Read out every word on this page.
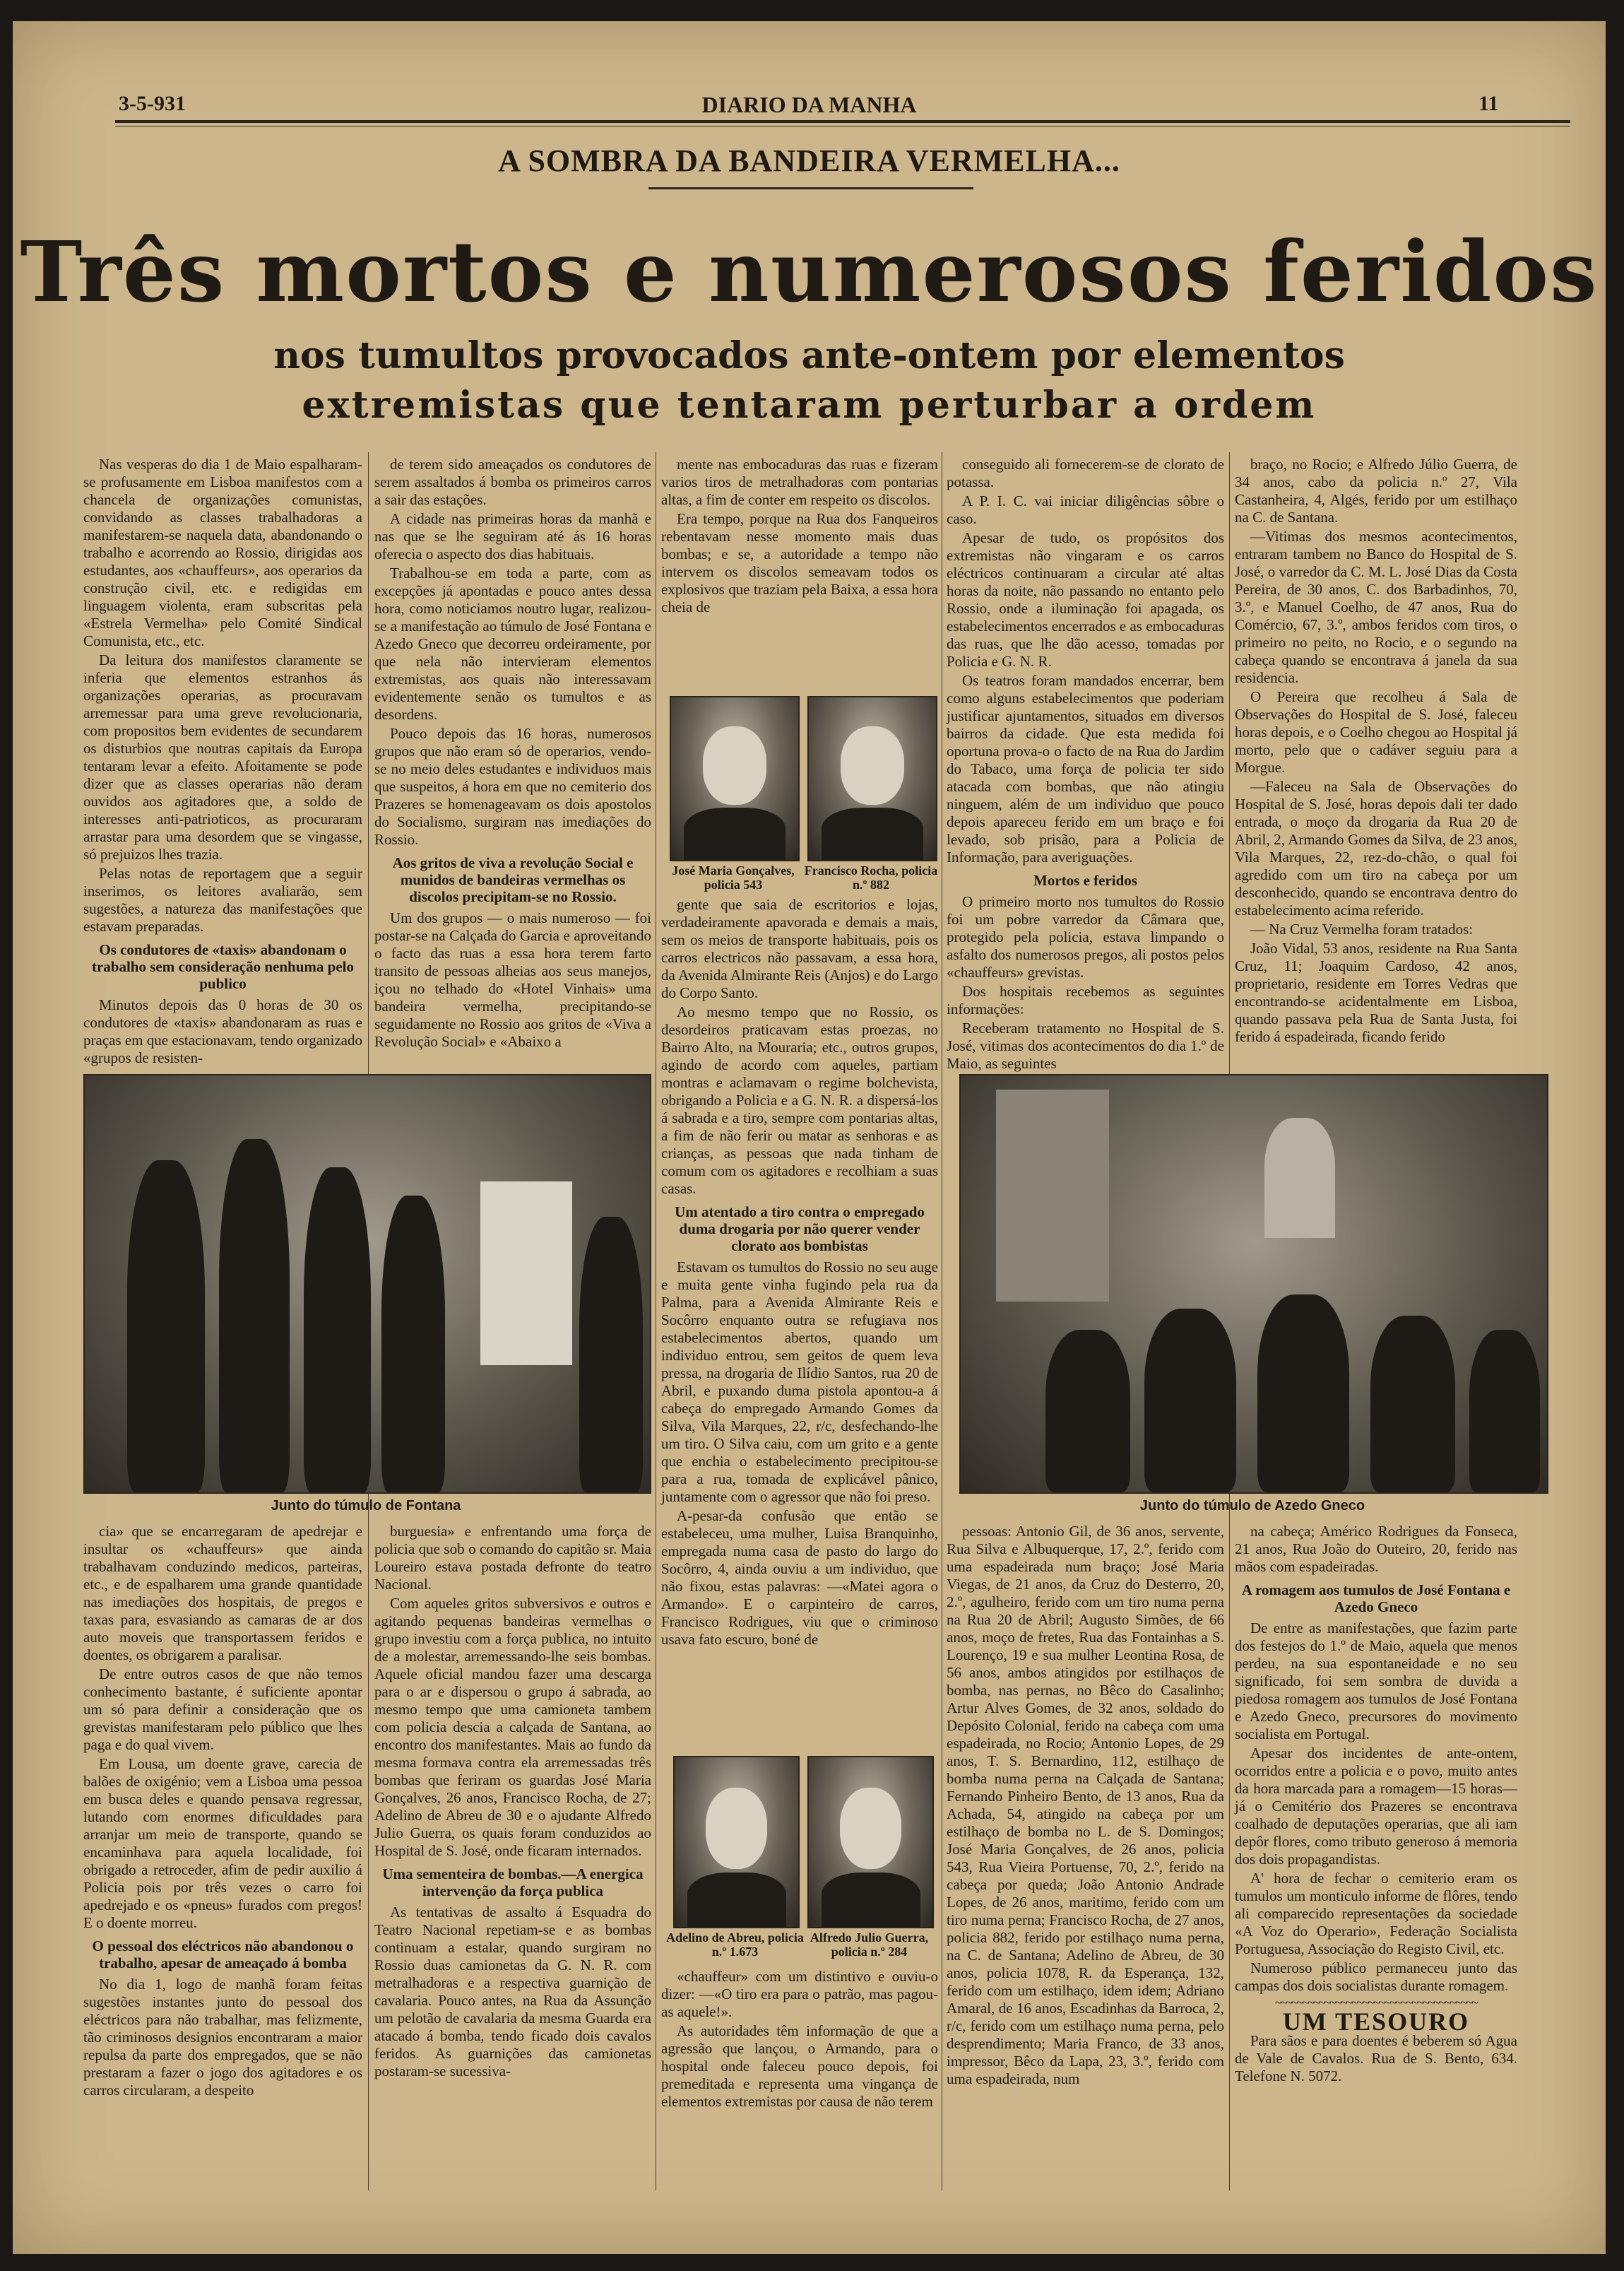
3-5-931	DIARIO DA MANHA	11
A SOMBRA DA BANDEIRA VERMELHA...
Três mortos e numerosos feridos
nos tumultos provocados ante-ontem por elementos
extremistas que tentaram perturbar a ordem

Nas vesperas do dia 1 de Maio espalharam-se profusamente em Lisboa manifestos com a chancela de organizações comunistas, convidando as classes trabalhadoras a manifestarem-se naquela data, abandonando o trabalho e acorrendo ao Rossio, dirigidas aos estudantes, aos «chauffeurs», aos operarios da construção civil, etc. e redigidas em linguagem violenta, eram subscritas pela «Estrela Vermelha» pelo Comité Sindical Comunista, etc., etc.

Da leitura dos manifestos claramente se inferia que elementos estranhos ás organizações operarias, as procuravam arremessar para uma greve revolucionaria, com propositos bem evidentes de secundarem os disturbios que noutras capitais da Europa tentaram levar a efeito. Afoitamente se pode dizer que as classes operarias não deram ouvidos aos agitadores que, a soldo de interesses anti-patrioticos, as procuraram arrastar para uma desordem que se vingasse, só prejuizos lhes trazia.

Pelas notas de reportagem que a seguir inserimos, os leitores avaliarão, sem sugestões, a natureza das manifestações que estavam preparadas.

Os condutores de «taxis» abandonam o trabalho sem consideração nenhuma pelo publico

Minutos depois das 0 horas de 30 os condutores de «taxis» abandonaram as ruas e praças em que estacionavam, tendo organizado «grupos de resisten-

de terem sido ameaçados os condutores de serem assaltados á bomba os primeiros carros a sair das estações.

A cidade nas primeiras horas da manhã e nas que se lhe seguiram até ás 16 horas oferecia o aspecto dos dias habituais.

Trabalhou-se em toda a parte, com as excepções já apontadas e pouco antes dessa hora, como noticiamos noutro lugar, realizou-se a manifestação ao túmulo de José Fontana e Azedo Gneco que decorreu ordeiramente, por que nela não intervieram elementos extremistas, aos quais não interessavam evidentemente senão os tumultos e as desordens.

Pouco depois das 16 horas, numerosos grupos que não eram só de operarios, vendo-se no meio deles estudantes e individuos mais que suspeitos, á hora em que no cemiterio dos Prazeres se homenageavam os dois apostolos do Socialismo, surgiram nas imediações do Rossio.

Aos gritos de viva a revolução Social e munidos de bandeiras vermelhas os discolos precipitam-se no Rossio.

Um dos grupos — o mais numeroso — foi postar-se na Calçada do Garcia e aproveitando o facto das ruas a essa hora terem farto transito de pessoas alheias aos seus manejos, içou no telhado do «Hotel Vinhais» uma bandeira vermelha, precipitando-se seguidamente no Rossio aos gritos de «Viva a Revolução Social» e «Abaixo a

mente nas embocaduras das ruas e fizeram varios tiros de metralhadoras com pontarias altas, a fim de conter em respeito os discolos.

Era tempo, porque na Rua dos Fanqueiros rebentavam nesse momento mais duas bombas; e se, a autoridade a tempo não intervem os discolos semeavam todos os explosivos que traziam pela Baixa, a essa hora cheia de

José Maria Gonçalves, policia 543
Francisco Rocha, policia n.º 882

gente que saia de escritorios e lojas, verdadeiramente apavorada e demais a mais, sem os meios de transporte habituais, pois os carros electricos não passavam, a essa hora, da Avenida Almirante Reis (Anjos) e do Largo do Corpo Santo.

Ao mesmo tempo que no Rossio, os desordeiros praticavam estas proezas, no Bairro Alto, na Mouraria; etc., outros grupos, agindo de acordo com aqueles, partiam montras e aclamavam o regime bolchevista, obrigando a Policia e a G. N. R. a dispersá-los á sabrada e a tiro, sempre com pontarias altas, a fim de não ferir ou matar as senhoras e as crianças, as pessoas que nada tinham de comum com os agitadores e recolhiam a suas casas.

Um atentado a tiro contra o empregado duma drogaria por não querer vender clorato aos bombistas

Estavam os tumultos do Rossio no seu auge e muita gente vinha fugindo pela rua da Palma, para a Avenida Almirante Reis e Socôrro enquanto outra se refugiava nos estabelecimentos abertos, quando um individuo entrou, sem geitos de quem leva pressa, na drogaria de Ilídio Santos, rua 20 de Abril, e puxando duma pistola apontou-a á cabeça do empregado Armando Gomes da Silva, Vila Marques, 22, r/c, desfechando-lhe um tiro. O Silva caiu, com um grito e a gente que enchia o estabelecimento precipitou-se para a rua, tomada de explicável pânico, juntamente com o agressor que não foi preso.

A-pesar-da confusão que então se estabeleceu, uma mulher, Luisa Branquinho, empregada numa casa de pasto do largo do Socôrro, 4, ainda ouviu a um individuo, que não fixou, estas palavras: —«Matei agora o Armando». E o carpinteiro de carros, Francisco Rodrigues, viu que o criminoso usava fato escuro, boné de

conseguido ali fornecerem-se de clorato de potassa.

A P. I. C. vai iniciar diligências sôbre o caso.

Apesar de tudo, os propósitos dos extremistas não vingaram e os carros eléctricos continuaram a circular até altas horas da noite, não passando no entanto pelo Rossio, onde a iluminação foi apagada, os estabelecimentos encerrados e as embocaduras das ruas, que lhe dão acesso, tomadas por Policia e G. N. R.

Os teatros foram mandados encerrar, bem como alguns estabelecimentos que poderiam justificar ajuntamentos, situados em diversos bairros da cidade. Que esta medida foi oportuna prova-o o facto de na Rua do Jardim do Tabaco, uma força de policia ter sido atacada com bombas, que não atingiu ninguem, além de um individuo que pouco depois apareceu ferido em um braço e foi levado, sob prisão, para a Policia de Informação, para averiguações.

Mortos e feridos

O primeiro morto nos tumultos do Rossio foi um pobre varredor da Câmara que, protegido pela policia, estava limpando o asfalto dos numerosos pregos, ali postos pelos «chauffeurs» grevistas.

Dos hospitais recebemos as seguintes informações:

Receberam tratamento no Hospital de S. José, vitimas dos acontecimentos do dia 1.º de Maio, as seguintes

braço, no Rocio; e Alfredo Júlio Guerra, de 34 anos, cabo da policia n.º 27, Vila Castanheira, 4, Algés, ferido por um estilhaço na C. de Santana.

—Vitimas dos mesmos acontecimentos, entraram tambem no Banco do Hospital de S. José, o varredor da C. M. L. José Dias da Costa Pereira, de 30 anos, C. dos Barbadinhos, 70, 3.º, e Manuel Coelho, de 47 anos, Rua do Comércio, 67, 3.º, ambos feridos com tiros, o primeiro no peito, no Rocio, e o segundo na cabeça quando se encontrava á janela da sua residencia.

O Pereira que recolheu á Sala de Observações do Hospital de S. José, faleceu horas depois, e o Coelho chegou ao Hospital já morto, pelo que o cadáver seguiu para a Morgue.

—Faleceu na Sala de Observações do Hospital de S. José, horas depois dali ter dado entrada, o moço da drogaria da Rua 20 de Abril, 2, Armando Gomes da Silva, de 23 anos, Vila Marques, 22, rez-do-chão, o qual foi agredido com um tiro na cabeça por um desconhecido, quando se encontrava dentro do estabelecimento acima referido.

— Na Cruz Vermelha foram tratados:

João Vidal, 53 anos, residente na Rua Santa Cruz, 11; Joaquim Cardoso, 42 anos, proprietario, residente em Torres Vedras que encontrando-se acidentalmente em Lisboa, quando passava pela Rua de Santa Justa, foi ferido á espadeirada, ficando ferido

Junto do túmulo de Fontana	Junto do túmulo de Azedo Gneco

cia» que se encarregaram de apedrejar e insultar os «chauffeurs» que ainda trabalhavam conduzindo medicos, parteiras, etc., e de espalharem uma grande quantidade nas imediações dos hospitais, de pregos e taxas para, esvasiando as camaras de ar dos auto moveis que transportassem feridos e doentes, os obrigarem a paralisar.

De entre outros casos de que não temos conhecimento bastante, é suficiente apontar um só para definir a consideração que os grevistas manifestaram pelo público que lhes paga e do qual vivem.

Em Lousa, um doente grave, carecia de balões de oxigénio; vem a Lisboa uma pessoa em busca deles e quando pensava regressar, lutando com enormes dificuldades para arranjar um meio de transporte, quando se encaminhava para aquela localidade, foi obrigado a retroceder, afim de pedir auxilio á Policia pois por três vezes o carro foi apedrejado e os «pneus» furados com pregos! E o doente morreu.

O pessoal dos eléctricos não abandonou o trabalho, apesar de ameaçado á bomba

No dia 1, logo de manhã foram feitas sugestões instantes junto do pessoal dos eléctricos para não trabalhar, mas felizmente, tão criminosos designios encontraram a maior repulsa da parte dos empregados, que se não prestaram a fazer o jogo dos agitadores e os carros circularam, a despeito

burguesia» e enfrentando uma força de policia que sob o comando do capitão sr. Maia Loureiro estava postada defronte do teatro Nacional.

Com aqueles gritos subversivos e outros e agitando pequenas bandeiras vermelhas o grupo investiu com a força publica, no intuito de a molestar, arremessando-lhe seis bombas. Aquele oficial mandou fazer uma descarga para o ar e dispersou o grupo á sabrada, ao mesmo tempo que uma camioneta tambem com policia descia a calçada de Santana, ao encontro dos manifestantes. Mais ao fundo da mesma formava contra ela arremessadas três bombas que feriram os guardas José Maria Gonçalves, 26 anos, Francisco Rocha, de 27; Adelino de Abreu de 30 e o ajudante Alfredo Julio Guerra, os quais foram conduzidos ao Hospital de S. José, onde ficaram internados.

Uma sementeira de bombas.—A energica intervenção da força publica

As tentativas de assalto á Esquadra do Teatro Nacional repetiam-se e as bombas continuam a estalar, quando surgiram no Rossio duas camionetas da G. N. R. com metralhadoras e a respectiva guarnição de cavalaria. Pouco antes, na Rua da Assunção um pelotão de cavalaria da mesma Guarda era atacado á bomba, tendo ficado dois cavalos feridos. As guarnições das camionetas postaram-se sucessiva-

Adelino de Abreu, policia n.º 1.673
Alfredo Julio Guerra, policia n.º 284

«chauffeur» com um distintivo e ouviu-o dizer: —«O tiro era para o patrão, mas pagou-as aquele!».

As autoridades têm informação de que a agressão que lançou, o Armando, para o hospital onde faleceu pouco depois, foi premeditada e representa uma vingança de elementos extremistas por causa de não terem

pessoas: Antonio Gil, de 36 anos, servente, Rua Silva e Albuquerque, 17, 2.º, ferido com uma espadeirada num braço; José Maria Viegas, de 21 anos, da Cruz do Desterro, 20, 2.º, agulheiro, ferido com um tiro numa perna na Rua 20 de Abril; Augusto Simões, de 66 anos, moço de fretes, Rua das Fontainhas a S. Lourenço, 19 e sua mulher Leontina Rosa, de 56 anos, ambos atingidos por estilhaços de bomba, nas pernas, no Bêco do Casalinho; Artur Alves Gomes, de 32 anos, soldado do Depósito Colonial, ferido na cabeça com uma espadeirada, no Rocio; Antonio Lopes, de 29 anos, T. S. Bernardino, 112, estilhaço de bomba numa perna na Calçada de Santana; Fernando Pinheiro Bento, de 13 anos, Rua da Achada, 54, atingido na cabeça por um estilhaço de bomba no L. de S. Domingos; José Maria Gonçalves, de 26 anos, policia 543, Rua Vieira Portuense, 70, 2.º, ferido na cabeça por queda; João Antonio Andrade Lopes, de 26 anos, maritimo, ferido com um tiro numa perna; Francisco Rocha, de 27 anos, policia 882, ferido por estilhaço numa perna, na C. de Santana; Adelino de Abreu, de 30 anos, policia 1078, R. da Esperança, 132, ferido com um estilhaço, idem idem; Adriano Amaral, de 16 anos, Escadinhas da Barroca, 2, r/c, ferido com um estilhaço numa perna, pelo desprendimento; Maria Franco, de 33 anos, impressor, Bêco da Lapa, 23, 3.º, ferido com uma espadeirada, num

na cabeça; Américo Rodrigues da Fonseca, 21 anos, Rua João do Outeiro, 20, ferido nas mãos com espadeiradas.

A romagem aos tumulos de José Fontana e Azedo Gneco

De entre as manifestações, que fazim parte dos festejos do 1.º de Maio, aquela que menos perdeu, na sua espontaneidade e no seu significado, foi sem sombra de duvida a piedosa romagem aos tumulos de José Fontana e Azedo Gneco, precursores do movimento socialista em Portugal.

Apesar dos incidentes de ante-ontem, ocorridos entre a policia e o povo, muito antes da hora marcada para a romagem—15 horas—já o Cemitério dos Prazeres se encontrava coalhado de deputações operarias, que ali iam depôr flores, como tributo generoso á memoria dos dois propagandistas.

A' hora de fechar o cemiterio eram os tumulos um monticulo informe de flôres, tendo ali comparecido representações da sociedade «A Voz do Operario», Federação Socialista Portuguesa, Associação do Registo Civil, etc.

Numeroso público permaneceu junto das campas dos dois socialistas durante romagem.

~~~~~~~~~~~~~~~~~~~~~~~~~~~~~~~~~~~~~
UM TESOURO

Para sãos e para doentes é beberem só Agua de Vale de Cavalos. Rua de S. Bento, 634. Telefone N. 5072.
